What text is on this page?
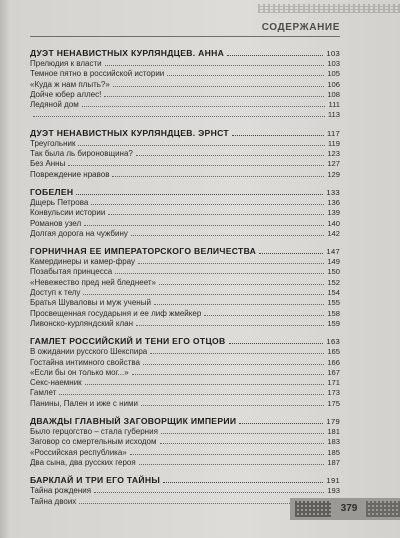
СОДЕРЖАНИЕ
ДУЭТ НЕНАВИСТНЫХ КУРЛЯНДЦЕВ. АННА	103
Прелюдия к власти	103
Темное пятно в российской истории	105
«Куда ж нам плыть?»	106
Дойче юбер аллес!	108
Ледяной дом	111
113
ДУЭТ НЕНАВИСТНЫХ КУРЛЯНДЦЕВ. ЭРНСТ	117
Треугольник	119
Так была ль бироновщина?	123
Без Анны	127
Повреждение нравов	129
ГОБЕЛЕН	133
Дщерь Петрова	136
Конвульсии истории	139
Романов узел	140
Долгая дорога на чужбину	142
ГОРНИЧНАЯ ЕЕ ИМПЕРАТОРСКОГО ВЕЛИЧЕСТВА	147
Камердинеры и камер-фрау	149
Позабытая принцесса	150
«Невежество пред ней бледнеет»	152
Доступ к телу	154
Братья Шуваловы и муж ученый	155
Просвещенная государыня и ее лиф жмейкер	158
Ливонско-курляндский клан	159
ГАМЛЕТ РОССИЙСКИЙ И ТЕНИ ЕГО ОТЦОВ	163
В ожидании русского Шекспира	165
Гостайна интимного свойства	166
«Если бы он только мог...»	167
Секс-наемник	171
Гамлет	173
Панины, Пален и иже с ними	175
ДВАЖДЫ ГЛАВНЫЙ ЗАГОВОРЩИК ИМПЕРИИ	179
Было герцогство – стала губерния	181
Заговор со смертельным исходом	183
«Российская республика»	185
Два сына, два русских героя	187
БАРКЛАЙ И ТРИ ЕГО ТАЙНЫ	191
Тайна рождения	193
Тайна двоих
379
